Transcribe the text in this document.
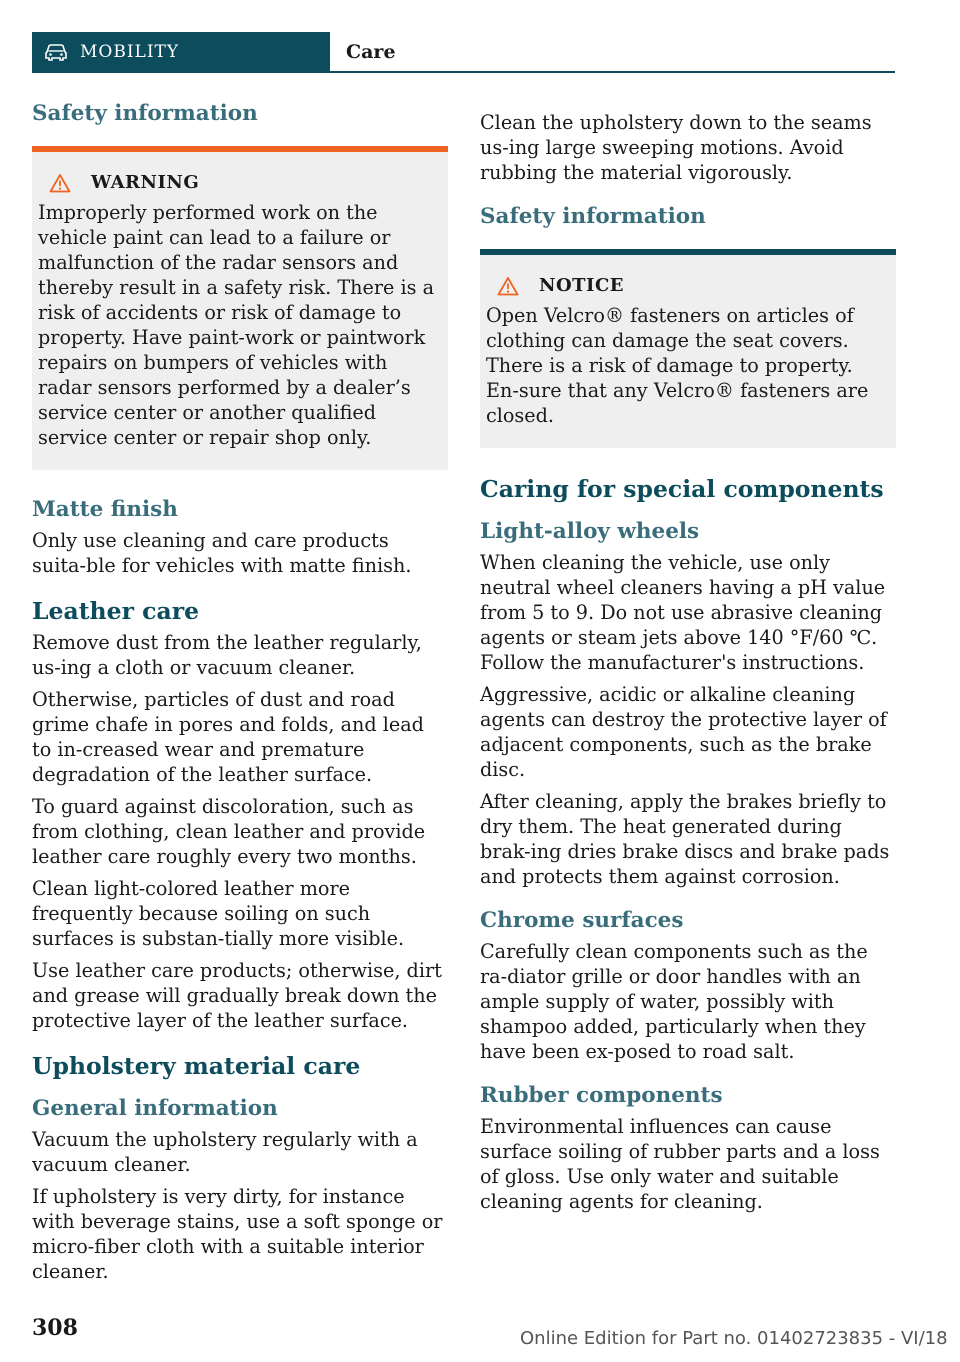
MOBILITY	Care
Safety information
WARNING

Improperly performed work on the vehicle paint can lead to a failure or malfunction of the radar sensors and thereby result in a safety risk. There is a risk of accidents or risk of damage to property. Have paint-work or paintwork repairs on bumpers of vehicles with radar sensors performed by a dealer’s service center or another qualified service center or repair shop only.

Matte finish

Only use cleaning and care products suita-ble for vehicles with matte finish.

Leather care

Remove dust from the leather regularly, us-ing a cloth or vacuum cleaner.

Otherwise, particles of dust and road grime chafe in pores and folds, and lead to in-creased wear and premature degradation of the leather surface.

To guard against discoloration, such as from clothing, clean leather and provide leather care roughly every two months.

Clean light-colored leather more frequently because soiling on such surfaces is substan-tially more visible.

Use leather care products; otherwise, dirt and grease will gradually break down the protective layer of the leather surface.

Upholstery material care
General information

Vacuum the upholstery regularly with a vacuum cleaner.

If upholstery is very dirty, for instance with beverage stains, use a soft sponge or micro-fiber cloth with a suitable interior cleaner.

Clean the upholstery down to the seams us-ing large sweeping motions. Avoid rubbing the material vigorously.

Safety information
NOTICE

Open Velcro® fasteners on articles of clothing can damage the seat covers. There is a risk of damage to property. En-sure that any Velcro® fasteners are closed.

Caring for special components
Light-alloy wheels

When cleaning the vehicle, use only neutral wheel cleaners having a pH value from 5 to 9. Do not use abrasive cleaning agents or steam jets above 140 °F/60 ℃. Follow the manufacturer's instructions.

Aggressive, acidic or alkaline cleaning agents can destroy the protective layer of adjacent components, such as the brake disc.

After cleaning, apply the brakes briefly to dry them. The heat generated during brak-ing dries brake discs and brake pads and protects them against corrosion.

Chrome surfaces

Carefully clean components such as the ra-diator grille or door handles with an ample supply of water, possibly with shampoo added, particularly when they have been ex-posed to road salt.

Rubber components

Environmental influences can cause surface soiling of rubber parts and a loss of gloss. Use only water and suitable cleaning agents for cleaning.

308	Online Edition for Part no. 01402723835 - VI/18
